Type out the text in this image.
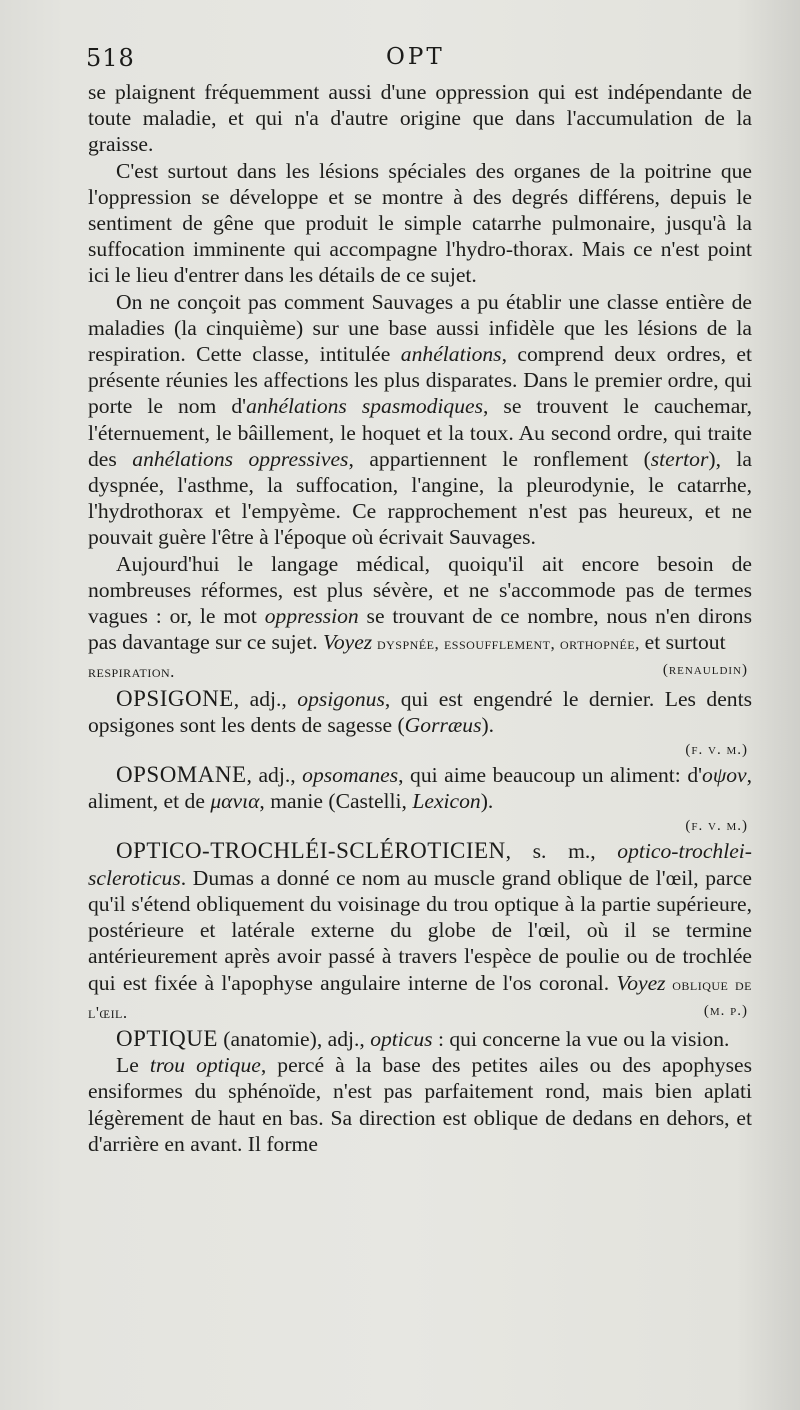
518	OPT

se plaignent fréquemment aussi d'une oppression qui est indépendante de toute maladie, et qui n'a d'autre origine que dans l'accumulation de la graisse.

C'est surtout dans les lésions spéciales des organes de la poitrine que l'oppression se développe et se montre à des degrés différens, depuis le sentiment de gêne que produit le simple catarrhe pulmonaire, jusqu'à la suffocation imminente qui accompagne l'hydro-thorax. Mais ce n'est point ici le lieu d'entrer dans les détails de ce sujet.

On ne conçoit pas comment Sauvages a pu établir une classe entière de maladies (la cinquième) sur une base aussi infidèle que les lésions de la respiration. Cette classe, intitulée anhélations, comprend deux ordres, et présente réunies les affections les plus disparates. Dans le premier ordre, qui porte le nom d'anhélations spasmodiques, se trouvent le cauchemar, l'éternuement, le bâillement, le hoquet et la toux. Au second ordre, qui traite des anhélations oppressives, appartiennent le ronflement (stertor), la dyspnée, l'asthme, la suffocation, l'angine, la pleurodynie, le catarrhe, l'hydrothorax et l'empyème. Ce rapprochement n'est pas heureux, et ne pouvait guère l'être à l'époque où écrivait Sauvages.

Aujourd'hui le langage médical, quoiqu'il ait encore besoin de nombreuses réformes, est plus sévère, et ne s'accommode pas de termes vagues : or, le mot oppression se trouvant de ce nombre, nous n'en dirons pas davantage sur ce sujet. Voyez dyspnée, essoufflement, orthopnée, et surtout
respiration.	(renauldin)

OPSIGONE, adj., opsigonus, qui est engendré le dernier. Les dents opsigones sont les dents de sagesse (Gorræus).

(f. v. m.)

OPSOMANE, adj., opsomanes, qui aime beaucoup un aliment: d'οψον, aliment, et de μανια, manie (Castelli, Lexicon).

(f. v. m.)

OPTICO-TROCHLÉI-SCLÉROTICIEN, s. m., optico-trochlei-scleroticus. Dumas a donné ce nom au muscle grand oblique de l'œil, parce qu'il s'étend obliquement du voisinage du trou optique à la partie supérieure, postérieure et latérale externe du globe de l'œil, où il se termine antérieurement après avoir passé à travers l'espèce de poulie ou de trochlée qui est fixée à l'apophyse angulaire interne de l'os coronal. Voyez oblique de l'œil.	(m. p.)

OPTIQUE (anatomie), adj., opticus : qui concerne la vue ou la vision.

Le trou optique, percé à la base des petites ailes ou des apophyses ensiformes du sphénoïde, n'est pas parfaitement rond, mais bien aplati légèrement de haut en bas. Sa direction est oblique de dedans en dehors, et d'arrière en avant. Il forme
